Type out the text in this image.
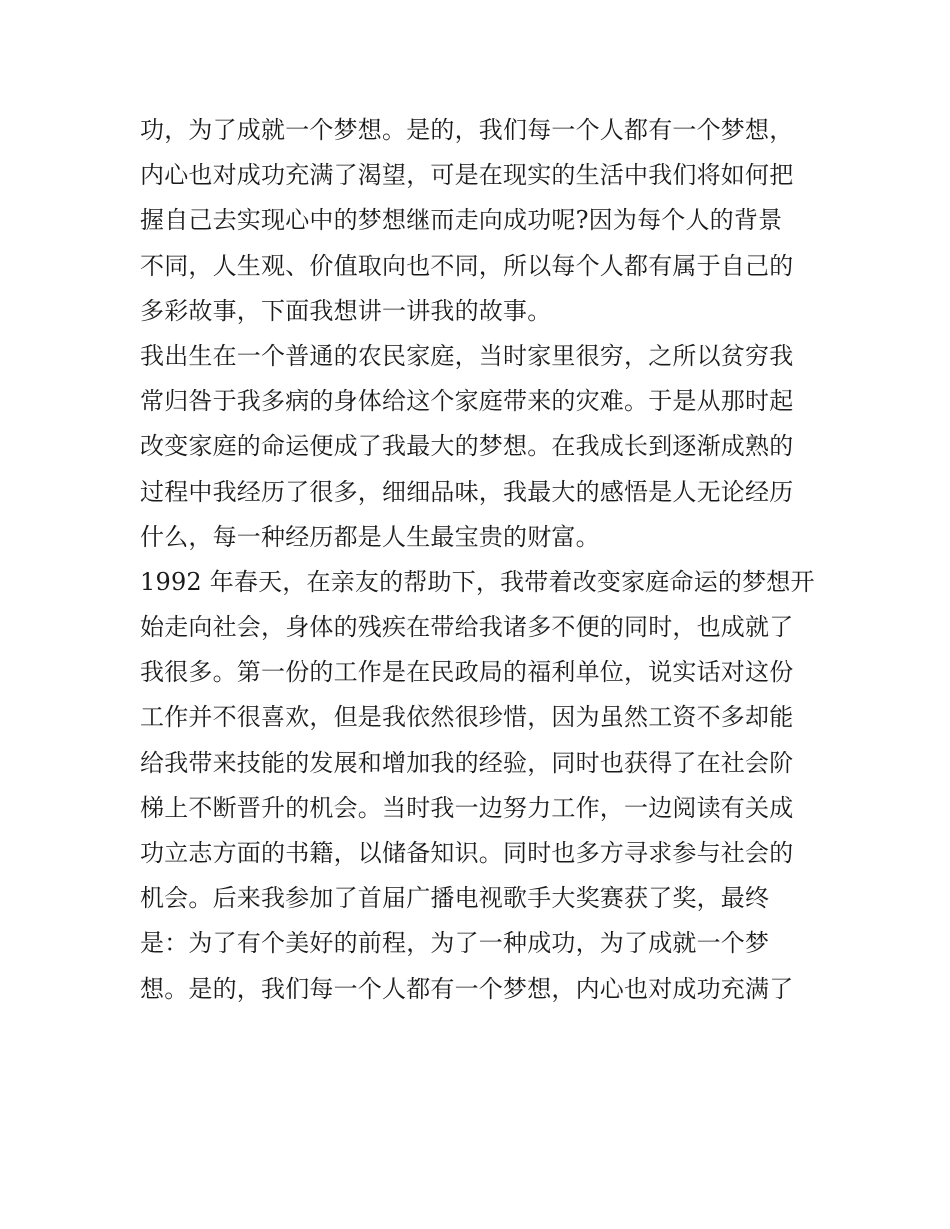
功，为了成就一个梦想。是的，我们每一个人都有一个梦想，
内心也对成功充满了渴望，可是在现实的生活中我们将如何把
握自己去实现心中的梦想继而走向成功呢?因为每个人的背景
不同，人生观、价值取向也不同，所以每个人都有属于自己的
多彩故事，下面我想讲一讲我的故事。
我出生在一个普通的农民家庭，当时家里很穷，之所以贫穷我
常归咎于我多病的身体给这个家庭带来的灾难。于是从那时起
改变家庭的命运便成了我最大的梦想。在我成长到逐渐成熟的
过程中我经历了很多，细细品味，我最大的感悟是人无论经历
什么，每一种经历都是人生最宝贵的财富。
1992 年春天，在亲友的帮助下，我带着改变家庭命运的梦想开
始走向社会，身体的残疾在带给我诸多不便的同时，也成就了
我很多。第一份的工作是在民政局的福利单位，说实话对这份
工作并不很喜欢，但是我依然很珍惜，因为虽然工资不多却能
给我带来技能的发展和增加我的经验，同时也获得了在社会阶
梯上不断晋升的机会。当时我一边努力工作，一边阅读有关成
功立志方面的书籍，以储备知识。同时也多方寻求参与社会的
机会。后来我参加了首届广播电视歌手大奖赛获了奖，最终
是：为了有个美好的前程，为了一种成功，为了成就一个梦
想。是的，我们每一个人都有一个梦想，内心也对成功充满了
